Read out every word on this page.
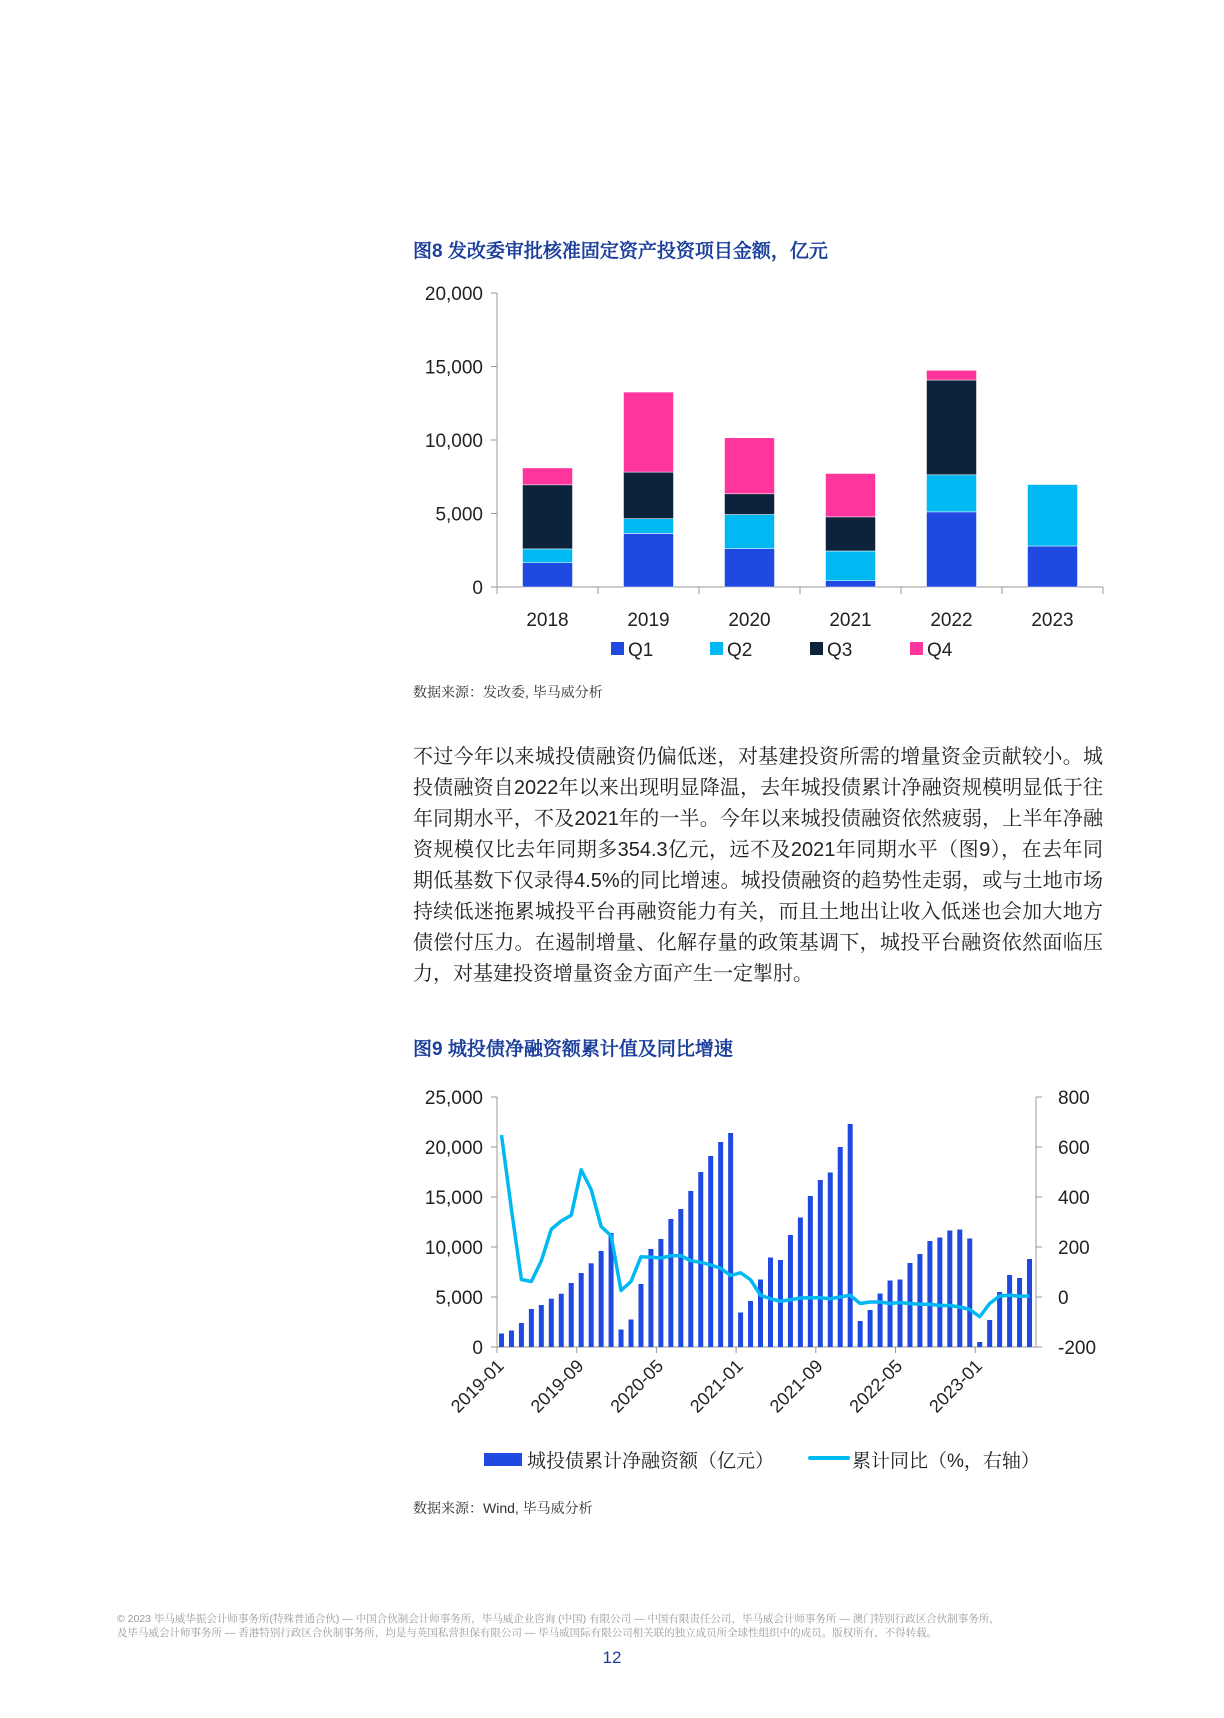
图8 发改委审批核准固定资产投资项目金额，亿元
0
5,000
10,000
15,000
20,000
2018	2019	2020	2021	2022	2023
Q1	Q2	Q3	Q4
数据来源：发改委, 毕马威分析
不过今年以来城投债融资仍偏低迷，对基建投资所需的增量资金贡献较小。城
投债融资自2022年以来出现明显降温，去年城投债累计净融资规模明显低于往
年同期水平，不及2021年的一半。今年以来城投债融资依然疲弱，上半年净融
资规模仅比去年同期多354.3亿元，远不及2021年同期水平（图9），在去年同
期低基数下仅录得4.5%的同比增速。城投债融资的趋势性走弱，或与土地市场
持续低迷拖累城投平台再融资能力有关，而且土地出让收入低迷也会加大地方
债偿付压力。在遏制增量、化解存量的政策基调下，城投平台融资依然面临压
力，对基建投资增量资金方面产生一定掣肘。
图9 城投债净融资额累计值及同比增速
0	-200
5,000	0
10,000	200
15,000	400
20,000	600
25,000	800
2019-01 2019-09 2020-05 2021-01 2021-09 2022-05 2023-01
城投债累计净融资额（亿元）	累计同比（%，右轴）
数据来源：Wind, 毕马威分析
© 2023 毕马威华振会计师事务所(特殊普通合伙) — 中国合伙制会计师事务所，毕马威企业咨询 (中国) 有限公司 — 中国有限责任公司，毕马威会计师事务所 — 澳门特别行政区合伙制事务所，
及毕马威会计师事务所 — 香港特别行政区合伙制事务所，均是与英国私营担保有限公司 — 毕马威国际有限公司相关联的独立成员所全球性组织中的成员。版权所有，不得转载。
12
